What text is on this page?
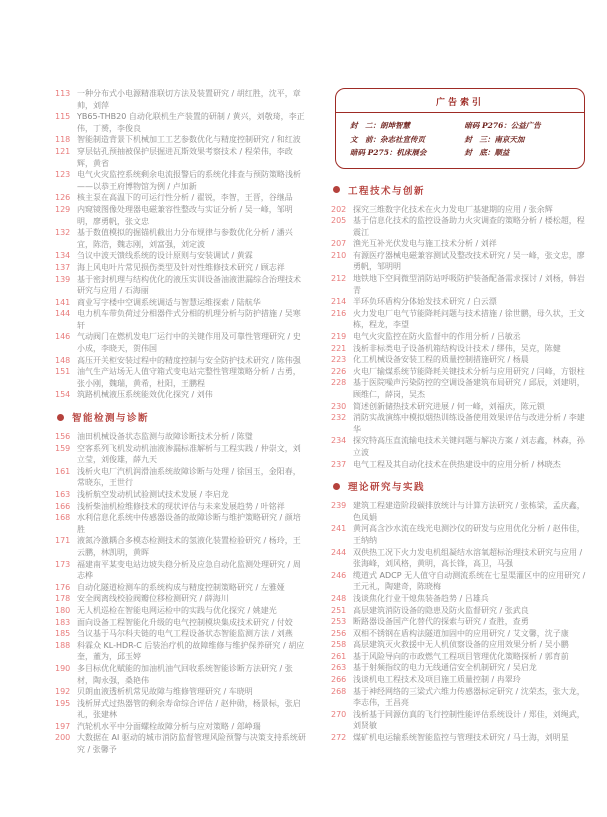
113 一种分布式小电源精准联切方法及装置研究 / 胡红胜，沈平，章帅，刘萍
115 YB65-THB20 自动化联机生产装置的研制 / 黄兴，刘敬琦，李正伟，丁赟，李俊良
118 智能制造背景下机械加工工艺参数优化与精度控制研究 / 和红波
121 穿层钻孔预抽被保护层掘进瓦斯效果考察技术 / 程荣伟，李政辉，黄省
123 电气火灾监控系统剩余电流报警后的系统化排查与预防策略浅析——以恭王府博物馆为例 / 卢加新
126 核主泵在高温下的可运行性分析 / 翟锐，李智，王晋，谷继品
129 内窥镜图像处理器电磁兼容性整改与实证分析 / 吴一峰，邹明明，廖勇帆，张文忠
132 基于数值模拟的掘锚机截出力分布规律与参数优化分析 / 潘兴宜，陈浩，魏志刚，刘富强，刘定波
134 刍议中波天馈线系统的设计原则与安装调试 / 黄霖
137 海上风电叶片常见损伤类型及针对性维修技术研究 / 顾志祥
139 基于密封机理与结构优化的液压实训设备油液泄漏综合治理技术研究与应用 / 石海丽
141 商业写字楼中空调系统调适与智慧运维探索 / 陆航华
144 电力机车带负荷过分相器件式分相的机理分析与防护措施 / 吴寒轩
146 气动阀门在燃机发电厂运行中的关键作用及可靠性管理研究 / 史小成，李晓天，贺伟国
148 高压开关柜安装过程中的精度控制与安全防护技术研究 / 陈伟强
151 油气生产站场无人值守箱式变电站完整性管理策略分析 / 古勇，张小刚，魏瑞，黄希，杜阳，王鹏程
154 筑路机械液压系统能效优化探究 / 刘伟
智能检测与诊断
156 油田机械设备状态监测与故障诊断技术分析 / 陈璧
159 空客系列飞机发动机油液渗漏标准解析与工程实践 / 仲崇文，刘立莹，刘俊雄，薛九天
161 浅析火电厂汽机润滑油系统故障诊断与处理 / 徐国玉，金阳春，常晓东，王世行
163 浅析航空发动机试验测试技术发展 / 李启龙
166 浅析柴油机检维修技术的现状评估与未来发展趋势 / 叶铭祥
168 水利信息化系统中传感器设备的故障诊断与维护策略研究 / 颜培胜
171 液氮冷激耦合多模态检测技术的氢液化装置检验研究 / 杨玲，王云鹏，林凯明，黄晖
173 福建南平某变电站边坡失稳分析及应急自动化监测处理研究 / 周志桦
176 自动化隧道检测车的系统构成与精度控制策略研究 / 左雅娅
178 安全阀离线校验阀瓣位移检测研究 / 薛海川
180 无人机巡检在智能电网运检中的实践与优化探究 / 姚建光
183 面向设备工程智能化升级的电气控制模块集成技术研究 / 付姣
185 刍议基于马尔科夫链的电气工程设备状态智能监测方法 / 刘燕
188 科霖众 KL-HDR-C 后装治疗机的故障维修与维护保养研究 / 胡应奎，董为，邱玉婷
190 多目标优化赋能的加油机油气回收系统智能诊断方法研究 / 张材，陶永强，桑艳伟
192 贝朗血液透析机常见故障与维修管理研究 / 车晓明
195 浅析屏式过热器管的剩余寿命综合评估 / 赵仲勋，杨景标，张启礼，张建林
197 汽轮机水平中分面螺栓故障分析与应对策略 / 郐峥瑞
200 大数据在 AI 驱动的城市消防监督管理风险预警与决策支持系统研究 / 张馨予
广告索引
封　二：朗坤智慧	暗码 P276：公益广告
文　前：杂志社宣传页	封　三：南京天加
暗码 P275：机床展会	封　底：顺益
工程技术与创新
202 探究三维数字化技术在火力发电厂基建期的应用 / 张余辉
205 基于信息化技术的监控设备助力火灾调查的策略分析 / 楼松超，程震江
207 渔光互补光伏发电与施工技术分析 / 刘祥
210 有源医疗器械电磁兼容测试及整改技术研究 / 吴一峰，张文忠，廖勇帆，邹明明
212 地铁地下空间微型消防站呼吸防护装备配备需求探讨 / 刘杨，韩岩青
214 半环负环盾构分体始发技术研究 / 白云漂
216 火力发电厂电气节能降耗问题与技术措施 / 徐世鹏，母久状，王文栋，程龙，李望
219 电气火灾监控在防火监督中的作用分析 / 吕敏丞
221 浅析非标类电子设备机箱结构设计技术 / 缪伟，吴克，陈健
223 化工机械设备安装工程的质量控制措施研究 / 杨晨
226 火电厂输煤系统节能降耗关键技术分析与应用研究 / 闫峰，方银柱
228 基于医院噪声污染防控的空调设备建筑布局研究 / 邱辰，刘建明，顾维仁，薛岗，吴杰
230 简述创新储热技术研究进展 / 何一峰，刘福庆，陈元锁
232 消防实战演练中模拟烟热训练设备使用效果评估与改进分析 / 李建华
234 探究特高压直流输电技术关键问题与解决方案 / 刘志鑫，林森，孙立波
237 电气工程及其自动化技术在供热建设中的应用分析 / 林晓杰
理论研究与实践
239 建筑工程建造阶段碳排放统计与计算方法研究 / 张栋梁，孟庆鑫，色凤娟
241 黄河高含沙水流在线光电测沙仪的研发与应用优化分析 / 赵伟佳，王纳纳
244 双供热工况下火力发电机组凝结水溶氧超标治理技术研究与应用 / 张海峰，刘风格，黄明，高长锋，高卫，马强
246 缆道式 ADCP 无人值守自动测流系统在七星渠灌区中的应用研究 / 王元礼，陶建奇，陈晓梅
248 浅谈焦化行业干熄焦装备趋势 / 吕雄兵
251 高层建筑消防设备的隐患及防火监督研究 / 张武良
253 断路器设备国产化替代的探索与研究 / 查胜，查勇
256 双相不锈钢在盾构法隧道加固中的应用研究 / 艾文馨，沈子康
258 高层建筑灭火救援中无人机侦察设备的应用效果分析 / 吴小鹏
261 基于风险导向的市政燃气工程项目管理优化策略探析 / 郭育前
263 基于射频指纹的电力无线通信安全机制研究 / 吴启龙
266 浅谈机电工程技术及项目施工质量控制 / 冉翠玲
268 基于神经网络的三梁式六维力传感器标定研究 / 沈荣杰，张大龙，李志伟，王昌亮
270 浅析基于同源仿真的飞行控制性能评估系统设计 / 郑佳，刘绳武，刘贤敏
272 煤矿机电运输系统智能监控与管理技术研究 / 马士海，刘明星
